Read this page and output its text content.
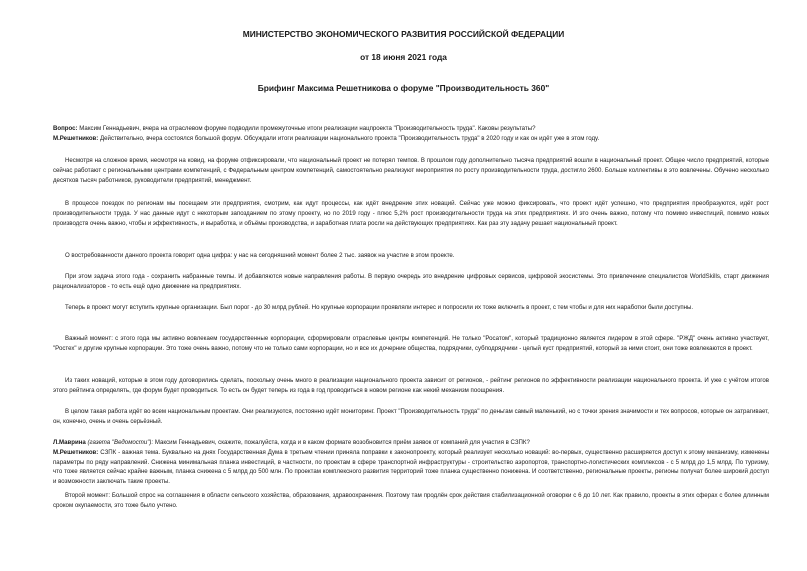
МИНИСТЕРСТВО ЭКОНОМИЧЕСКОГО РАЗВИТИЯ РОССИЙСКОЙ ФЕДЕРАЦИИ
от 18 июня 2021 года
Брифинг Максима Решетникова о форуме "Производительность 360"
Вопрос: Максим Геннадьевич, вчера на отраслевом форуме подводили промежуточные итоги реализации нацпроекта "Производительность труда". Каковы результаты?
М.Решетников: Действительно, вчера состоялся большой форум. Обсуждали итоги реализации национального проекта "Производительность труда" в 2020 году и как он идёт уже в этом году.
Несмотря на сложное время, несмотря на ковид, на форуме отфиксировали, что национальный проект не потерял темпов. В прошлом году дополнительно тысяча предприятий вошли в национальный проект. Общее число предприятий, которые сейчас работают с региональными центрами компетенций, с Федеральным центром компетенций, самостоятельно реализуют мероприятия по росту производительности труда, достигло 2600. Больше коллективы в это вовлечены. Обучено несколько десятков тысяч работников, руководители предприятий, менеджмент.
В процессе поездок по регионам мы посещаем эти предприятия, смотрим, как идут процессы, как идёт внедрение этих новаций. Сейчас уже можно фиксировать, что проект идёт успешно, что предприятия преобразуются, идёт рост производительности труда. У нас данные идут с некоторым запозданием по этому проекту, но по 2019 году - плюс 5,2% рост производительности труда на этих предприятиях. И это очень важно, потому что помимо инвестиций, помимо новых производств очень важно, чтобы и эффективность, и выработка, и объёмы производства, и заработная плата росли на действующих предприятиях. Как раз эту задачу решает национальный проект.
О востребованности данного проекта говорит одна цифра: у нас на сегодняшний момент более 2 тыс. заявок на участие в этом проекте.
При этом задача этого года - сохранить набранные темпы. И добавляются новые направления работы. В первую очередь это внедрение цифровых сервисов, цифровой экосистемы. Это привлечение специалистов WorldSkills, старт движения рационализаторов - то есть ещё одно движение на предприятиях.
Теперь в проект могут вступить крупные организации. Был порог - до 30 млрд рублей. Но крупные корпорации проявляли интерес и попросили их тоже включить в проект, с тем чтобы и для них наработки были доступны.
Важный момент: с этого года мы активно вовлекаем государственные корпорации, сформировали отраслевые центры компетенций. Не только "Росатом", который традиционно является лидером в этой сфере. "РЖД" очень активно участвует, "Ростех" и другие крупные корпорации. Это тоже очень важно, потому что не только сами корпорации, но и все их дочерние общества, подрядчики, субподрядчики - целый куст предприятий, который за ними стоит, они тоже вовлекаются в проект.
Из таких новаций, которые в этом году договорились сделать, поскольку очень много в реализации национального проекта зависит от регионов, - рейтинг регионов по эффективности реализации национального проекта. И уже с учётом итогов этого рейтинга определять, где форум будет проводиться. То есть он будет теперь из года в год проводиться в новом регионе как некий механизм поощрения.
В целом такая работа идёт во всем национальным проектам. Они реализуются, постоянно идёт мониторинг. Проект "Производительность труда" по деньгам самый маленький, но с точки зрения значимости и тех вопросов, которые он затрагивает, он, конечно, очень и очень серьёзный.
Л.Маврина (газета "Ведомости"): Максим Геннадьевич, скажите, пожалуйста, когда и в каком формате возобновится приём заявок от компаний для участия в СЗПК?
М.Решетников: СЗПК - важная тема. Буквально на днях Государственная Дума в третьем чтении приняла поправки к законопроекту, который реализует несколько новаций: во-первых, существенно расширяется доступ к этому механизму, изменены параметры по ряду направлений. Снижена минимальная планка инвестиций, в частности, по проектам в сфере транспортной инфраструктуры - строительство аэропортов, транспортно-логистических комплексов - с 5 млрд до 1,5 млрд. По туризму, что тоже является сейчас крайне важным, планка снижена с 5 млрд до 500 млн. По проектам комплексного развития территорий тоже планка существенно понижена. И соответственно, региональные проекты, регионы получат более широкий доступ и возможности заключать такие проекты.
Второй момент: Большой спрос на соглашения в области сельского хозяйства, образования, здравоохранения. Поэтому там продлён срок действия стабилизационной оговорки с 6 до 10 лет. Как правило, проекты в этих сферах с более длинным сроком окупаемости, это тоже было учтено.
